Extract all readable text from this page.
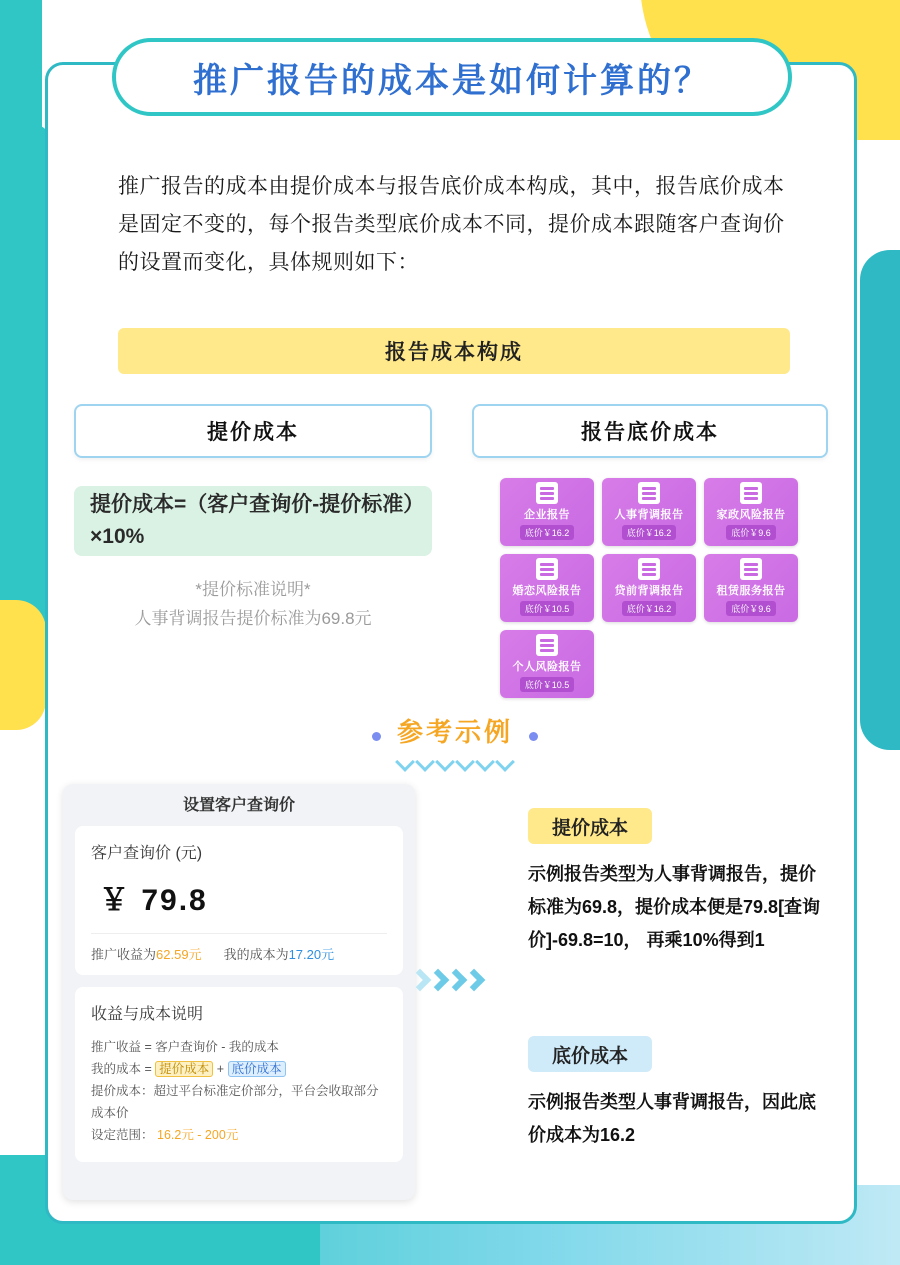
推广报告的成本是如何计算的？
推广报告的成本由提价成本与报告底价成本构成，其中，报告底价成本是固定不变的，每个报告类型底价成本不同，提价成本跟随客户查询价的设置而变化，具体规则如下：
报告成本构成
提价成本	报告底价成本
提价成本=（客户查询价-提价标准）×10%
*提价标准说明*
人事背调报告提价标准为69.8元
企业报告
底价￥16.2
人事背调报告
底价￥16.2
家政风险报告
底价￥9.6
婚恋风险报告
底价￥10.5
贷前背调报告
底价￥16.2
租赁服务报告
底价￥9.6
个人风险报告
底价￥10.5
参考示例
设置客户查询价
客户查询价 (元)
￥ 79.8
推广收益为62.59元 我的成本为17.20元
收益与成本说明
推广收益 = 客户查询价 - 我的成本
我的成本 = 提价成本 + 底价成本
提价成本：超过平台标准定价部分，平台会收取部分成本价
设定范围： 16.2元 - 200元
提价成本
示例报告类型为人事背调报告，提价标准为69.8，提价成本便是79.8[查询价]-69.8=10， 再乘10%得到1
底价成本
示例报告类型人事背调报告，因此底价成本为16.2
